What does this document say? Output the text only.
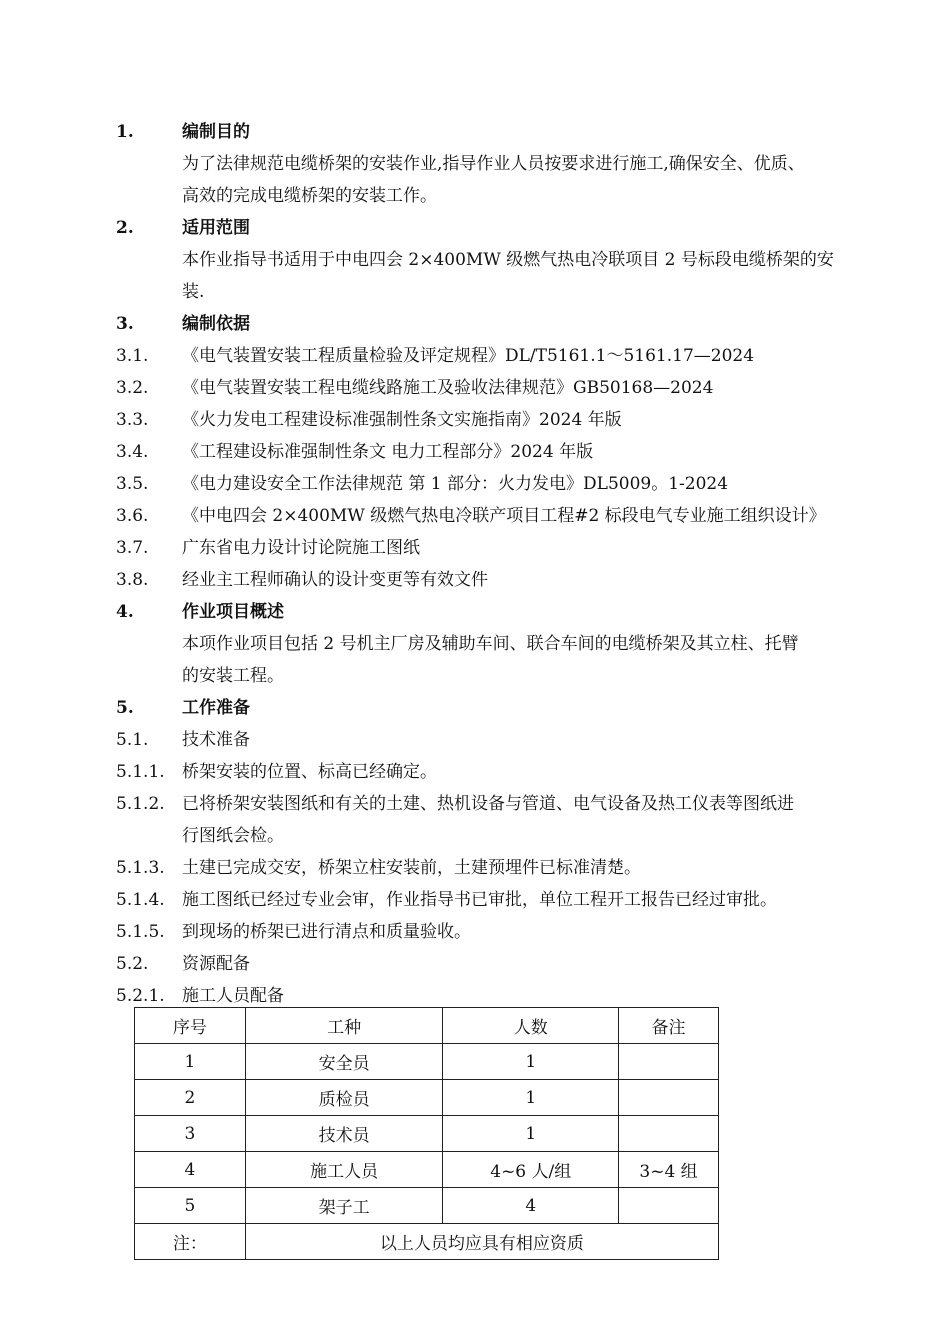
1.	编制目的
为了法律规范电缆桥架的安装作业,指导作业人员按要求进行施工,确保安全、优质、
高效的完成电缆桥架的安装工作。
2.	适用范围
本作业指导书适用于中电四会 2×400MW 级燃气热电冷联项目 2 号标段电缆桥架的安
装.
3.	编制依据
3.1. 《电气装置安装工程质量检验及评定规程》DL/T5161.1～5161.17—2024
3.2. 《电气装置安装工程电缆线路施工及验收法律规范》GB50168—2024
3.3. 《火力发电工程建设标准强制性条文实施指南》2024 年版
3.4. 《工程建设标准强制性条文 电力工程部分》2024 年版
3.5. 《电力建设安全工作法律规范 第 1 部分：火力发电》DL5009。1-2024
3.6. 《中电四会 2×400MW 级燃气热电冷联产项目工程#2 标段电气专业施工组织设计》
3.7. 广东省电力设计讨论院施工图纸
3.8. 经业主工程师确认的设计变更等有效文件
4.	作业项目概述
本项作业项目包括 2 号机主厂房及辅助车间、联合车间的电缆桥架及其立柱、托臂
的安装工程。
5.	工作准备
5.1. 技术准备
5.1.1. 桥架安装的位置、标高已经确定。
5.1.2. 已将桥架安装图纸和有关的土建、热机设备与管道、电气设备及热工仪表等图纸进
行图纸会检。
5.1.3. 土建已完成交安，桥架立柱安装前，土建预埋件已标准清楚。
5.1.4. 施工图纸已经过专业会审，作业指导书已审批，单位工程开工报告已经过审批。
5.1.5. 到现场的桥架已进行清点和质量验收。
5.2. 资源配备
5.2.1. 施工人员配备
序号	工种	人数	备注
1	安全员	1	
2	质检员	1	
3	技术员	1	
4	施工人员	4~6 人/组	3~4 组
5	架子工	4	
注：	以上人员均应具有相应资质		
